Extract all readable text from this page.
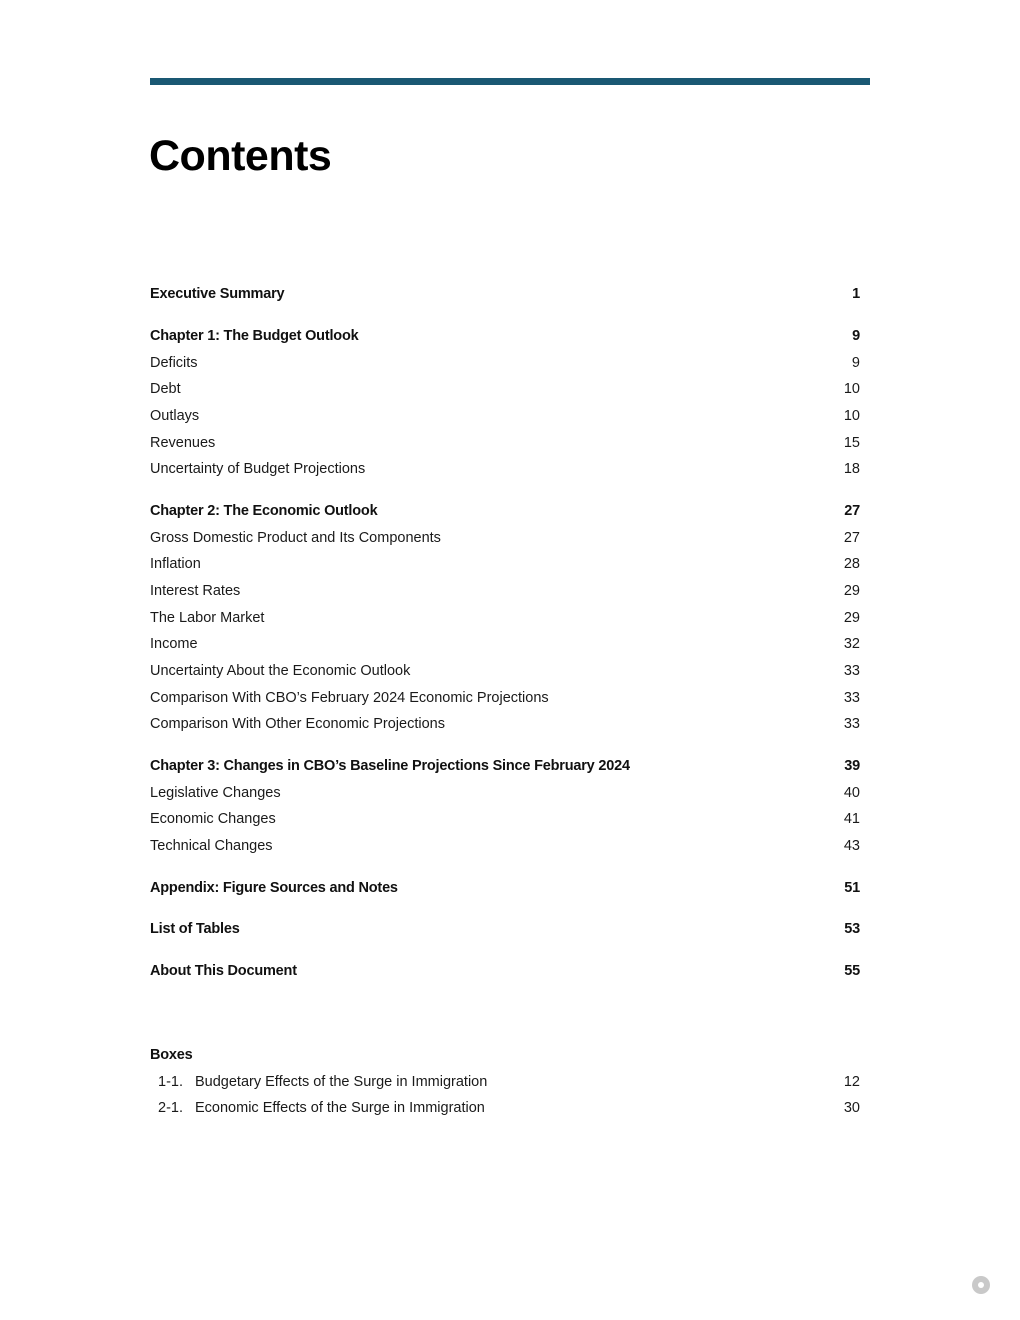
Contents
Executive Summary	1
Chapter 1: The Budget Outlook	9
Deficits	9
Debt	10
Outlays	10
Revenues	15
Uncertainty of Budget Projections	18
Chapter 2: The Economic Outlook	27
Gross Domestic Product and Its Components	27
Inflation	28
Interest Rates	29
The Labor Market	29
Income	32
Uncertainty About the Economic Outlook	33
Comparison With CBO’s February 2024 Economic Projections	33
Comparison With Other Economic Projections	33
Chapter 3: Changes in CBO’s Baseline Projections Since February 2024	39
Legislative Changes	40
Economic Changes	41
Technical Changes	43
Appendix: Figure Sources and Notes	51
List of Tables	53
About This Document	55
Boxes
1-1. Budgetary Effects of the Surge in Immigration	12
2-1. Economic Effects of the Surge in Immigration	30
